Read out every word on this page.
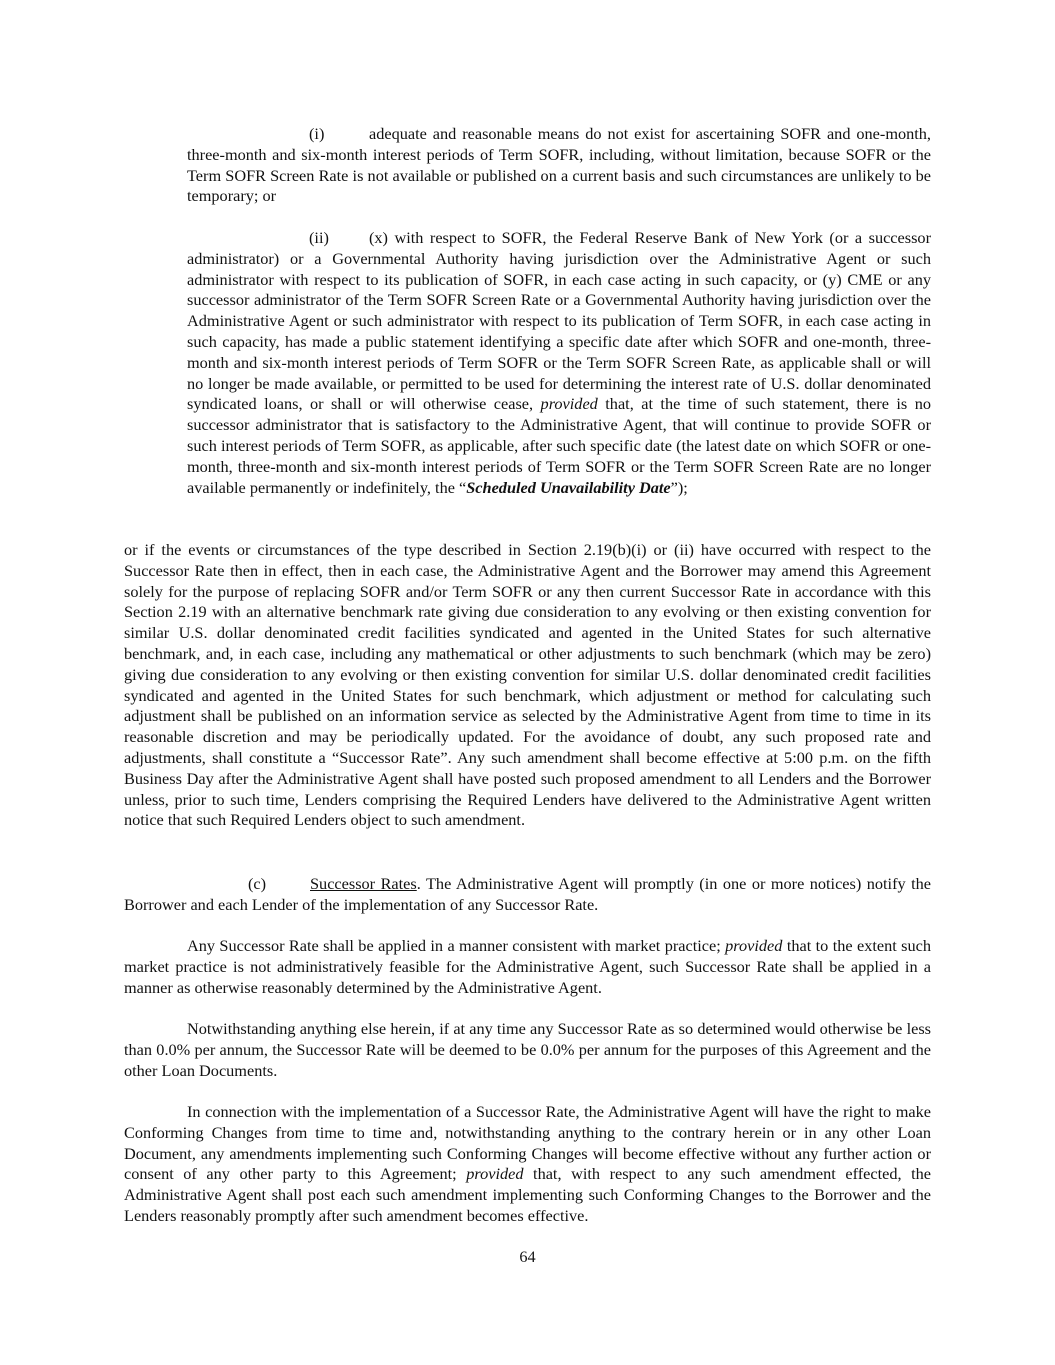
(i)	adequate and reasonable means do not exist for ascertaining SOFR and one-month, three-month and six-month interest periods of Term SOFR, including, without limitation, because SOFR or the Term SOFR Screen Rate is not available or published on a current basis and such circumstances are unlikely to be temporary; or

(ii) (x) with respect to SOFR, the Federal Reserve Bank of New York (or a successor administrator) or a Governmental Authority having jurisdiction over the Administrative Agent or such administrator with respect to its publication of SOFR, in each case acting in such capacity, or (y) CME or any successor administrator of the Term SOFR Screen Rate or a Governmental Authority having jurisdiction over the Administrative Agent or such administrator with respect to its publication of Term SOFR, in each case acting in such capacity, has made a public statement identifying a specific date after which SOFR and one-month, three-month and six-month interest periods of Term SOFR or the Term SOFR Screen Rate, as applicable shall or will no longer be made available, or permitted to be used for determining the interest rate of U.S. dollar denominated syndicated loans, or shall or will otherwise cease, provided that, at the time of such statement, there is no successor administrator that is satisfactory to the Administrative Agent, that will continue to provide SOFR or such interest periods of Term SOFR, as applicable, after such specific date (the latest date on which SOFR or one-month, three-month and six-month interest periods of Term SOFR or the Term SOFR Screen Rate are no longer available permanently or indefinitely, the “Scheduled Unavailability Date”);

or if the events or circumstances of the type described in Section 2.19(b)(i) or (ii) have occurred with respect to the Successor Rate then in effect, then in each case, the Administrative Agent and the Borrower may amend this Agreement solely for the purpose of replacing SOFR and/or Term SOFR or any then current Successor Rate in accordance with this Section 2.19 with an alternative benchmark rate giving due consideration to any evolving or then existing convention for similar U.S. dollar denominated credit facilities syndicated and agented in the United States for such alternative benchmark, and, in each case, including any mathematical or other adjustments to such benchmark (which may be zero) giving due consideration to any evolving or then existing convention for similar U.S. dollar denominated credit facilities syndicated and agented in the United States for such benchmark, which adjustment or method for calculating such adjustment shall be published on an information service as selected by the Administrative Agent from time to time in its reasonable discretion and may be periodically updated. For the avoidance of doubt, any such proposed rate and adjustments, shall constitute a “Successor Rate”. Any such amendment shall become effective at 5:00 p.m. on the fifth Business Day after the Administrative Agent shall have posted such proposed amendment to all Lenders and the Borrower unless, prior to such time, Lenders comprising the Required Lenders have delivered to the Administrative Agent written notice that such Required Lenders object to such amendment.

(c)	Successor Rates. The Administrative Agent will promptly (in one or more notices) notify the Borrower and each Lender of the implementation of any Successor Rate.

Any Successor Rate shall be applied in a manner consistent with market practice; provided that to the extent such market practice is not administratively feasible for the Administrative Agent, such Successor Rate shall be applied in a manner as otherwise reasonably determined by the Administrative Agent.

Notwithstanding anything else herein, if at any time any Successor Rate as so determined would otherwise be less than 0.0% per annum, the Successor Rate will be deemed to be 0.0% per annum for the purposes of this Agreement and the other Loan Documents.

In connection with the implementation of a Successor Rate, the Administrative Agent will have the right to make Conforming Changes from time to time and, notwithstanding anything to the contrary herein or in any other Loan Document, any amendments implementing such Conforming Changes will become effective without any further action or consent of any other party to this Agreement; provided that, with respect to any such amendment effected, the Administrative Agent shall post each such amendment implementing such Conforming Changes to the Borrower and the Lenders reasonably promptly after such amendment becomes effective.

64
